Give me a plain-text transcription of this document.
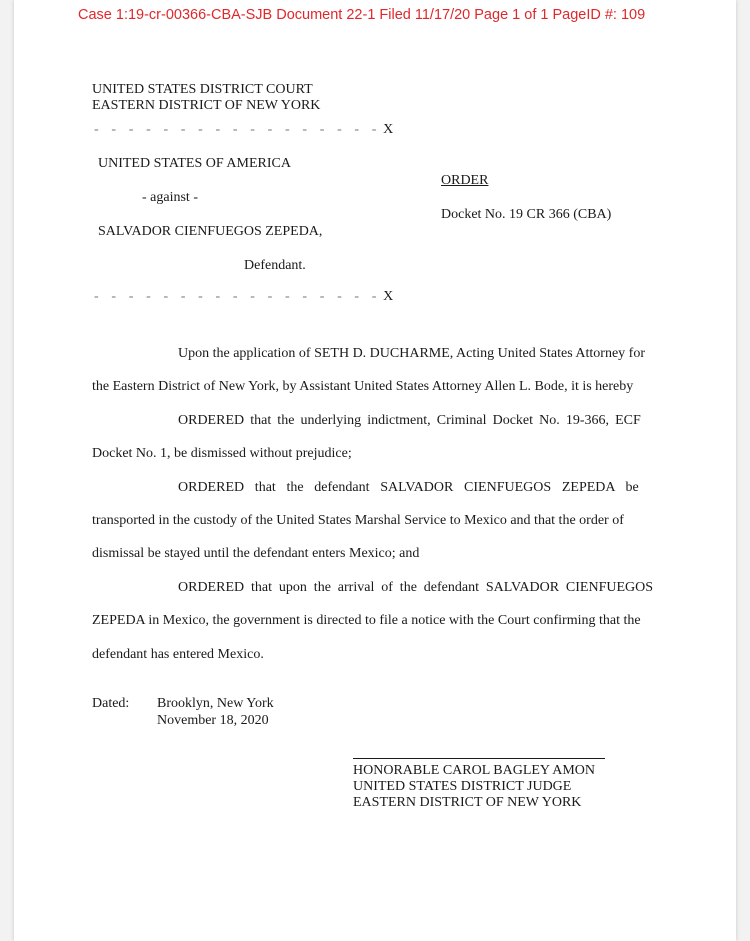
Case 1:19-cr-00366-CBA-SJB Document 22-1 Filed 11/17/20 Page 1 of 1 PageID #: 109
UNITED STATES DISTRICT COURT
EASTERN DISTRICT OF NEW YORK
- - - - - - - - - - - - - - - - - X
UNITED STATES OF AMERICA
- against -
SALVADOR CIENFUEGOS ZEPEDA,
Defendant.
ORDER
Docket No. 19 CR 366 (CBA)
- - - - - - - - - - - - - - - - - X
Upon the application of SETH D. DUCHARME, Acting United States Attorney for
the Eastern District of New York, by Assistant United States Attorney Allen L. Bode, it is hereby
ORDERED that the underlying indictment, Criminal Docket No. 19-366, ECF
Docket No. 1, be dismissed without prejudice;
ORDERED that the defendant SALVADOR CIENFUEGOS ZEPEDA be
transported in the custody of the United States Marshal Service to Mexico and that the order of
dismissal be stayed until the defendant enters Mexico; and
ORDERED that upon the arrival of the defendant SALVADOR CIENFUEGOS
ZEPEDA in Mexico, the government is directed to file a notice with the Court confirming that the
defendant has entered Mexico.
Dated: Brooklyn, New York
November 18, 2020
HONORABLE CAROL BAGLEY AMON
UNITED STATES DISTRICT JUDGE
EASTERN DISTRICT OF NEW YORK
